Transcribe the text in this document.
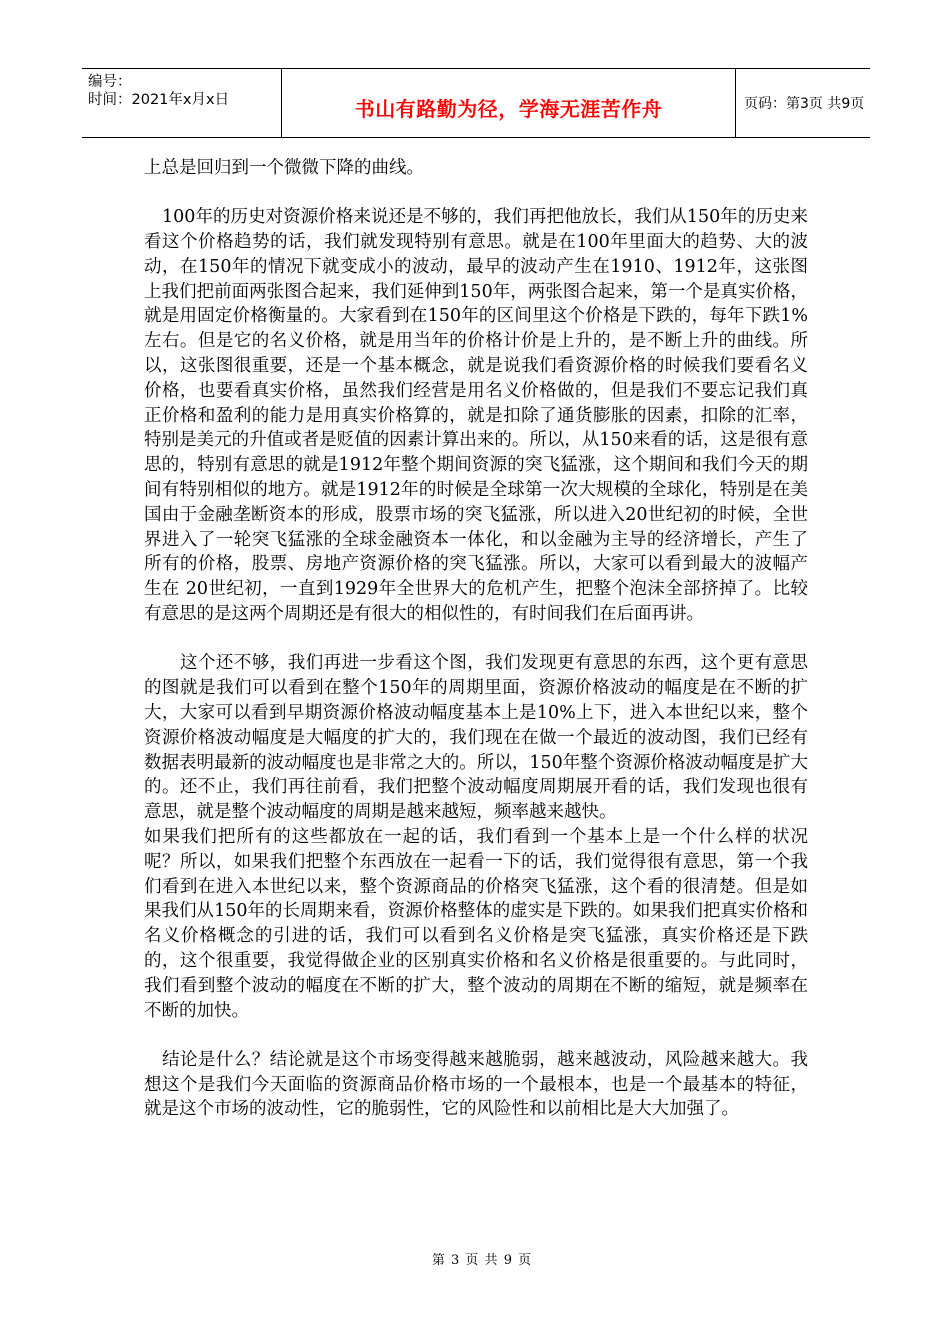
编号：
时间：2021年x月x日	书山有路勤为径，学海无涯苦作舟	页码：第3页 共9页

上总是回归到一个微微下降的曲线。

100年的历史对资源价格来说还是不够的，我们再把他放长，我们从150年的历史来看这个价格趋势的话，我们就发现特别有意思。就是在100年里面大的趋势、大的波动，在150年的情况下就变成小的波动，最早的波动产生在1910、1912年，这张图上我们把前面两张图合起来，我们延伸到150年，两张图合起来，第一个是真实价格，就是用固定价格衡量的。大家看到在150年的区间里这个价格是下跌的，每年下跌1%左右。但是它的名义价格，就是用当年的价格计价是上升的，是不断上升的曲线。所以，这张图很重要，还是一个基本概念，就是说我们看资源价格的时候我们要看名义价格，也要看真实价格，虽然我们经营是用名义价格做的，但是我们不要忘记我们真正价格和盈利的能力是用真实价格算的，就是扣除了通货膨胀的因素，扣除的汇率，特别是美元的升值或者是贬值的因素计算出来的。所以，从150来看的话，这是很有意思的，特别有意思的就是1912年整个期间资源的突飞猛涨，这个期间和我们今天的期间有特别相似的地方。就是1912年的时候是全球第一次大规模的全球化，特别是在美国由于金融垄断资本的形成，股票市场的突飞猛涨，所以进入20世纪初的时候，全世界进入了一轮突飞猛涨的全球金融资本一体化，和以金融为主导的经济增长，产生了所有的价格，股票、房地产资源价格的突飞猛涨。所以，大家可以看到最大的波幅产生在 20世纪初，一直到1929年全世界大的危机产生，把整个泡沫全部挤掉了。比较有意思的是这两个周期还是有很大的相似性的，有时间我们在后面再讲。

这个还不够，我们再进一步看这个图，我们发现更有意思的东西，这个更有意思的图就是我们可以看到在整个150年的周期里面，资源价格波动的幅度是在不断的扩大，大家可以看到早期资源价格波动幅度基本上是10%上下，进入本世纪以来，整个资源价格波动幅度是大幅度的扩大的，我们现在在做一个最近的波动图，我们已经有数据表明最新的波动幅度也是非常之大的。所以，150年整个资源价格波动幅度是扩大的。还不止，我们再往前看，我们把整个波动幅度周期展开看的话，我们发现也很有意思，就是整个波动幅度的周期是越来越短，频率越来越快。

如果我们把所有的这些都放在一起的话，我们看到一个基本上是一个什么样的状况呢？所以，如果我们把整个东西放在一起看一下的话，我们觉得很有意思，第一个我们看到在进入本世纪以来，整个资源商品的价格突飞猛涨，这个看的很清楚。但是如果我们从150年的长周期来看，资源价格整体的虚实是下跌的。如果我们把真实价格和名义价格概念的引进的话，我们可以看到名义价格是突飞猛涨，真实价格还是下跌的，这个很重要，我觉得做企业的区别真实价格和名义价格是很重要的。与此同时，我们看到整个波动的幅度在不断的扩大，整个波动的周期在不断的缩短，就是频率在不断的加快。

结论是什么？结论就是这个市场变得越来越脆弱，越来越波动，风险越来越大。我想这个是我们今天面临的资源商品价格市场的一个最根本，也是一个最基本的特征，就是这个市场的波动性，它的脆弱性，它的风险性和以前相比是大大加强了。

第 3 页 共 9 页
